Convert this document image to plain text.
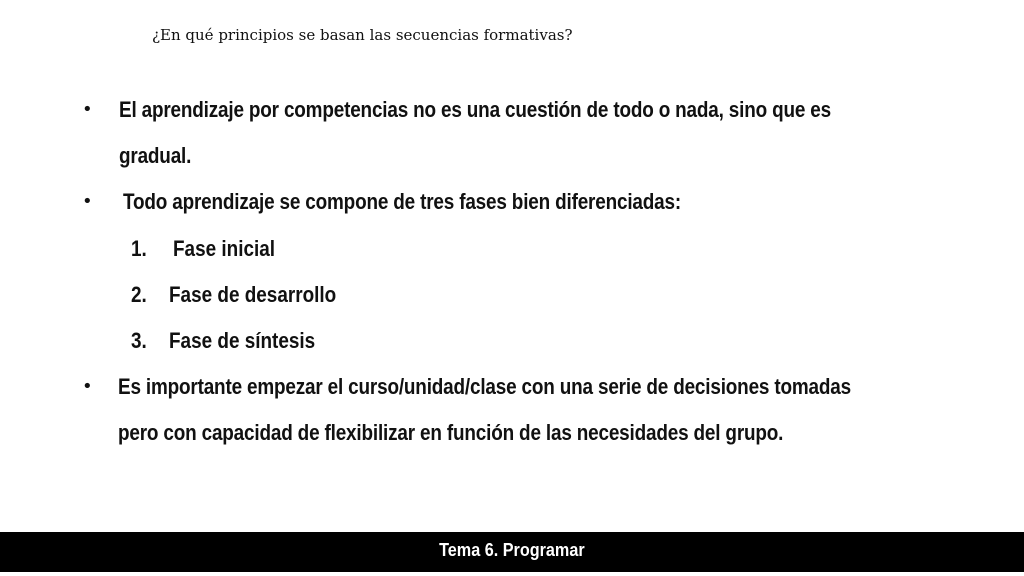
¿En qué principios se basan las secuencias formativas?
• El aprendizaje por competencias no es una cuestión de todo o nada, sino que es
gradual.
• Todo aprendizaje se compone de tres fases bien diferenciadas:
1. Fase inicial
2. Fase de desarrollo
3. Fase de síntesis
• Es importante empezar el curso/unidad/clase con una serie de decisiones tomadas
pero con capacidad de flexibilizar en función de las necesidades del grupo.
Tema 6. Programar
